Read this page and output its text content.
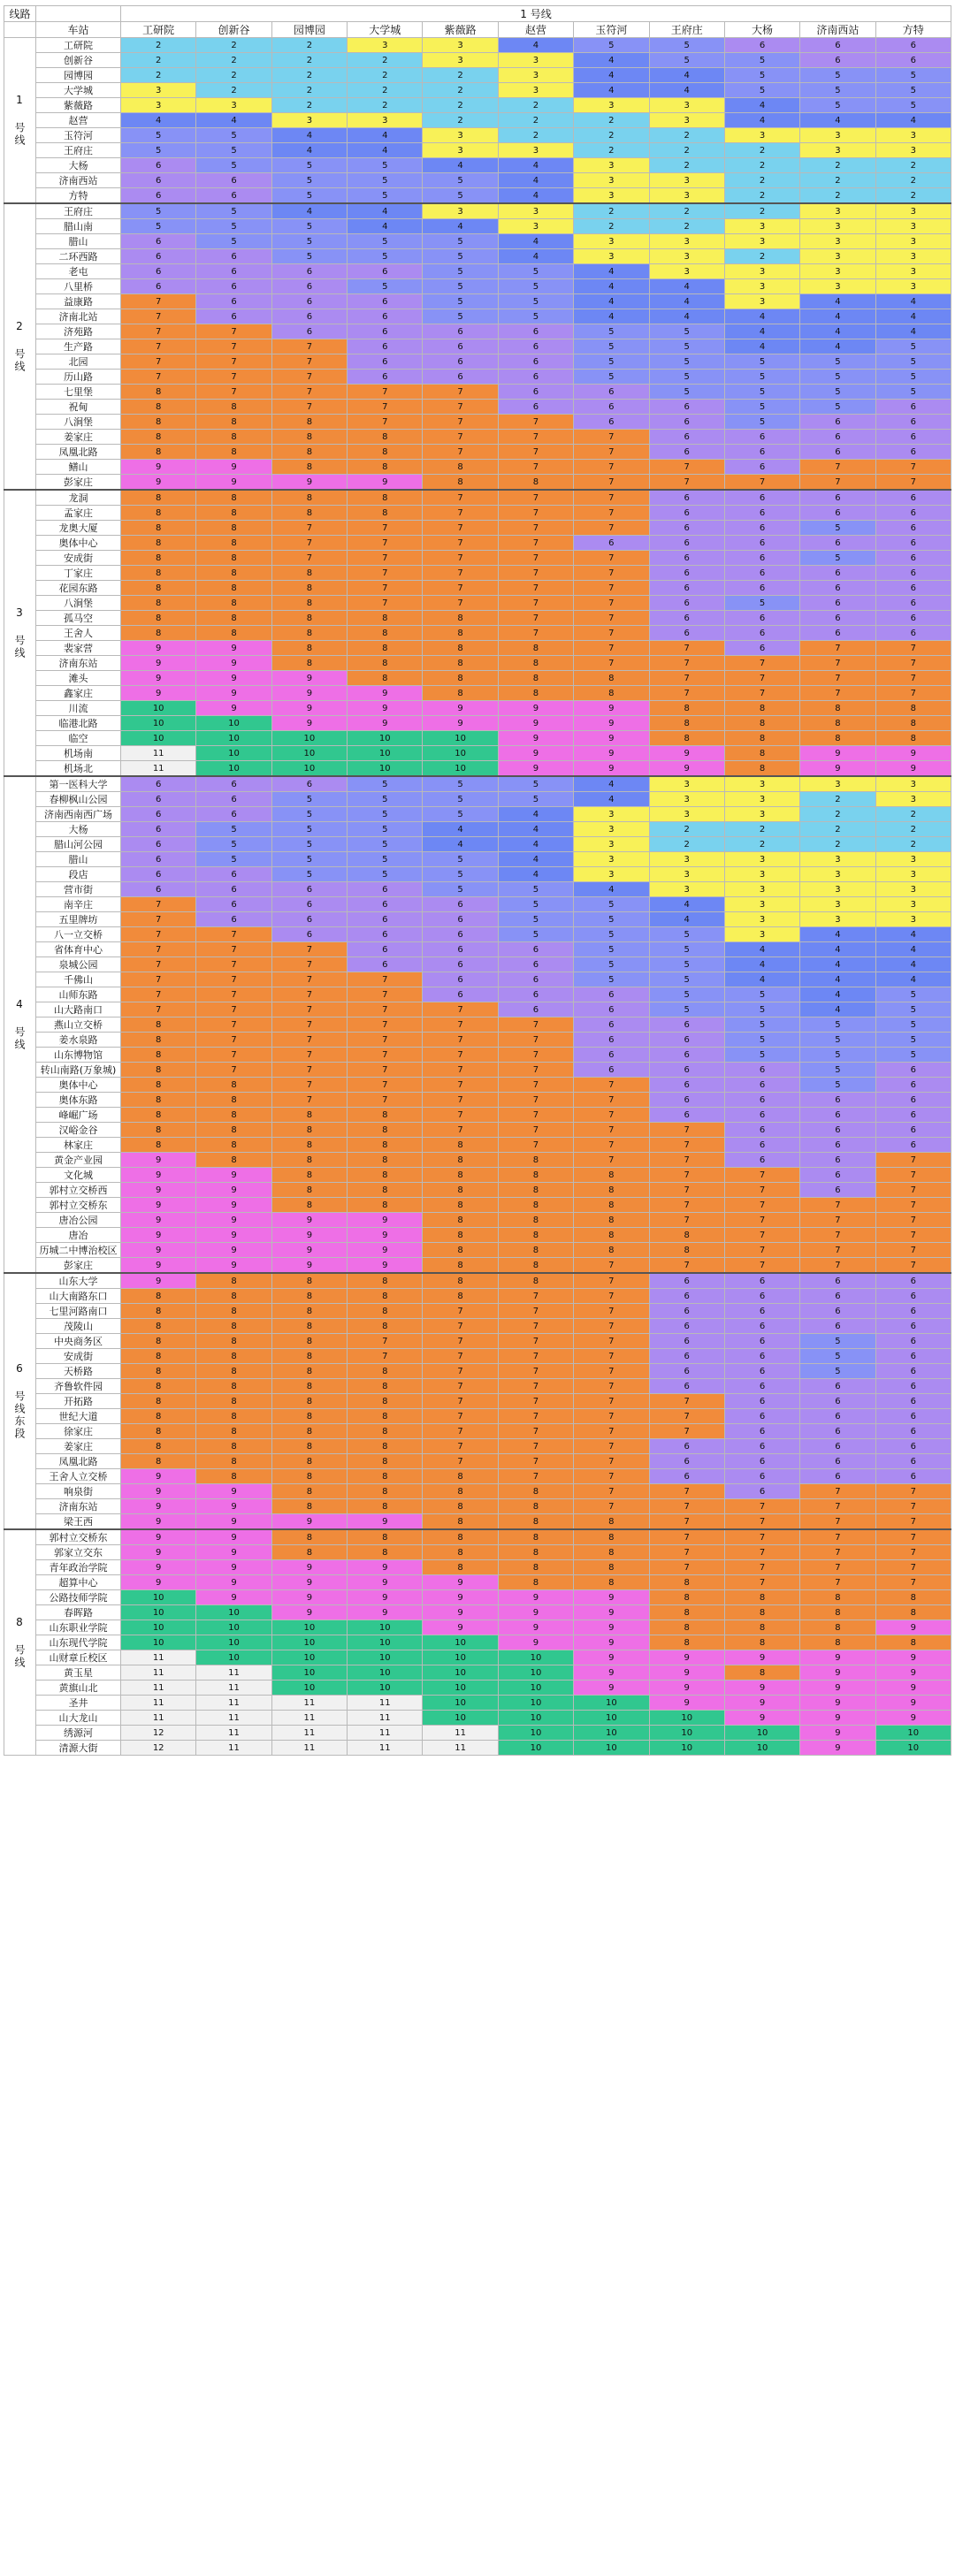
线路		1 号线										
	车站	工研院	创新谷	园博园	大学城	紫薇路	赵营	玉符河	王府庄	大杨	济南西站	方特
1 号线	工研院	2	2	2	3	3	4	5	5	6	6	6
	创新谷	2	2	2	2	3	3	4	5	5	6	6
	园博园	2	2	2	2	2	3	4	4	5	5	5
	大学城	3	2	2	2	2	3	4	4	5	5	5
	紫薇路	3	3	2	2	2	2	3	3	4	5	5
	赵营	4	4	3	3	2	2	2	3	4	4	4
	玉符河	5	5	4	4	3	2	2	2	3	3	3
	王府庄	5	5	4	4	3	3	2	2	2	3	3
	大杨	6	5	5	5	4	4	3	2	2	2	2
	济南西站	6	6	5	5	5	4	3	3	2	2	2
	方特	6	6	5	5	5	4	3	3	2	2	2
2 号线	王府庄	5	5	4	4	3	3	2	2	2	3	3
	腊山南	5	5	5	4	4	3	2	2	3	3	3
	腊山	6	5	5	5	5	4	3	3	3	3	3
	二环西路	6	6	5	5	5	4	3	3	2	3	3
	老屯	6	6	6	6	5	5	4	3	3	3	3
	八里桥	6	6	6	5	5	5	4	4	3	3	3
	益康路	7	6	6	6	5	5	4	4	3	4	4
	济南北站	7	6	6	6	5	5	4	4	4	4	4
	济苑路	7	7	6	6	6	6	5	5	4	4	4
	生产路	7	7	7	6	6	6	5	5	4	4	5
	北园	7	7	7	6	6	6	5	5	5	5	5
	历山路	7	7	7	6	6	6	5	5	5	5	5
	七里堡	8	7	7	7	7	6	6	5	5	5	5
	祝甸	8	8	7	7	7	6	6	6	5	5	6
	八涧堡	8	8	8	7	7	7	6	6	5	6	6
	姜家庄	8	8	8	8	7	7	7	6	6	6	6
	凤凰北路	8	8	8	8	7	7	7	6	6	6	6
	鳝山	9	9	8	8	8	7	7	7	6	7	7
	彭家庄	9	9	9	9	8	8	7	7	7	7	7
3 号线	龙洞	8	8	8	8	7	7	7	6	6	6	6
	孟家庄	8	8	8	8	7	7	7	6	6	6	6
	龙奥大厦	8	8	7	7	7	7	7	6	6	5	6
	奥体中心	8	8	7	7	7	7	6	6	6	6	6
	安成街	8	8	7	7	7	7	7	6	6	5	6
	丁家庄	8	8	8	7	7	7	7	6	6	6	6
	花园东路	8	8	8	7	7	7	7	6	6	6	6
	八涧堡	8	8	8	7	7	7	7	6	5	6	6
	孤马空	8	8	8	8	8	7	7	6	6	6	6
	王舍人	8	8	8	8	8	7	7	6	6	6	6
	裴家营	9	9	8	8	8	8	7	7	6	7	7
	济南东站	9	9	8	8	8	8	7	7	7	7	7
	滩头	9	9	9	8	8	8	8	7	7	7	7
	鑫家庄	9	9	9	9	8	8	8	7	7	7	7
	川流	10	9	9	9	9	9	9	8	8	8	8
	临港北路	10	10	9	9	9	9	9	8	8	8	8
	临空	10	10	10	10	10	9	9	8	8	8	8
	机场南	11	10	10	10	10	9	9	9	8	9	9
	机场北	11	10	10	10	10	9	9	9	8	9	9
4 号线	第一医科大学	6	6	6	5	5	5	4	3	3	3	3
	春柳枫山公园	6	6	5	5	5	5	4	3	3	2	3
	济南西南西广场	6	6	5	5	5	4	3	3	3	2	2
	大杨	6	5	5	5	4	4	3	2	2	2	2
	腊山河公园	6	5	5	5	4	4	3	2	2	2	2
	腊山	6	5	5	5	5	4	3	3	3	3	3
	段店	6	6	5	5	5	4	3	3	3	3	3
	营市街	6	6	6	6	5	5	4	3	3	3	3
	南辛庄	7	6	6	6	6	5	5	4	3	3	3
	五里牌坊	7	6	6	6	6	5	5	4	3	3	3
	八一立交桥	7	7	6	6	6	5	5	5	3	4	4
	省体育中心	7	7	7	6	6	6	5	5	4	4	4
	泉城公园	7	7	7	6	6	6	5	5	4	4	4
	千佛山	7	7	7	7	6	6	5	5	4	4	4
	山师东路	7	7	7	7	6	6	6	5	5	4	5
	山大路南口	7	7	7	7	7	6	6	5	5	4	5
	燕山立交桥	8	7	7	7	7	7	6	6	5	5	5
	姜水泉路	8	7	7	7	7	7	6	6	5	5	5
	山东博物馆	8	7	7	7	7	7	6	6	5	5	5
	转山南路(万象城)	8	7	7	7	7	7	6	6	6	5	6
	奥体中心	8	8	7	7	7	7	7	6	6	5	6
	奥体东路	8	8	7	7	7	7	7	6	6	6	6
	峰崛广场	8	8	8	8	7	7	7	6	6	6	6
	汉峪金谷	8	8	8	8	7	7	7	7	6	6	6
	林家庄	8	8	8	8	8	7	7	7	6	6	6
	黄金产业园	9	8	8	8	8	8	7	7	6	6	7
	文化城	9	9	8	8	8	8	8	7	7	6	7
	郭村立交桥西	9	9	8	8	8	8	8	7	7	6	7
	郭村立交桥东	9	9	8	8	8	8	8	7	7	7	7
	唐冶公园	9	9	9	9	8	8	8	7	7	7	7
	唐冶	9	9	9	9	8	8	8	8	7	7	7
	历城二中博治校区	9	9	9	9	8	8	8	8	7	7	7
	彭家庄	9	9	9	9	8	8	7	7	7	7	7
6 号线东段	山东大学	9	8	8	8	8	8	7	6	6	6	6
	山大南路东口	8	8	8	8	8	7	7	6	6	6	6
	七里河路南口	8	8	8	8	7	7	7	6	6	6	6
	茂陵山	8	8	8	8	7	7	7	6	6	6	6
	中央商务区	8	8	8	7	7	7	7	6	6	5	6
	安成街	8	8	8	7	7	7	7	6	6	5	6
	天桥路	8	8	8	8	7	7	7	6	6	5	6
	齐鲁软件园	8	8	8	8	7	7	7	6	6	6	6
	开拓路	8	8	8	8	7	7	7	7	6	6	6
	世纪大道	8	8	8	8	7	7	7	7	6	6	6
	徐家庄	8	8	8	8	7	7	7	7	6	6	6
	姜家庄	8	8	8	8	7	7	7	6	6	6	6
	凤凰北路	8	8	8	8	7	7	7	6	6	6	6
	王舍人立交桥	9	8	8	8	8	7	7	6	6	6	6
	响泉街	9	9	8	8	8	8	7	7	6	7	7
	济南东站	9	9	8	8	8	8	7	7	7	7	7
	梁王西	9	9	9	9	8	8	8	7	7	7	7
8 号线	郭村立交桥东	9	9	8	8	8	8	8	7	7	7	7
	郭家立交东	9	9	8	8	8	8	8	7	7	7	7
	青年政治学院	9	9	9	9	8	8	8	7	7	7	7
	超算中心	9	9	9	9	9	8	8	8	7	7	7
	公路技师学院	10	9	9	9	9	9	9	8	8	8	8
	春晖路	10	10	9	9	9	9	9	8	8	8	8
	山东职业学院	10	10	10	10	9	9	9	8	8	8	9
	山东现代学院	10	10	10	10	10	9	9	8	8	8	8
	山财章丘校区	11	10	10	10	10	10	9	9	9	9	9
	黄玉星	11	11	10	10	10	10	9	9	8	9	9
	黄旗山北	11	11	10	10	10	10	9	9	9	9	9
	圣井	11	11	11	11	10	10	10	9	9	9	9
	山大龙山	11	11	11	11	10	10	10	10	9	9	9
	绣源河	12	11	11	11	11	10	10	10	10	9	10
	清源大街	12	11	11	11	11	10	10	10	10	9	10
